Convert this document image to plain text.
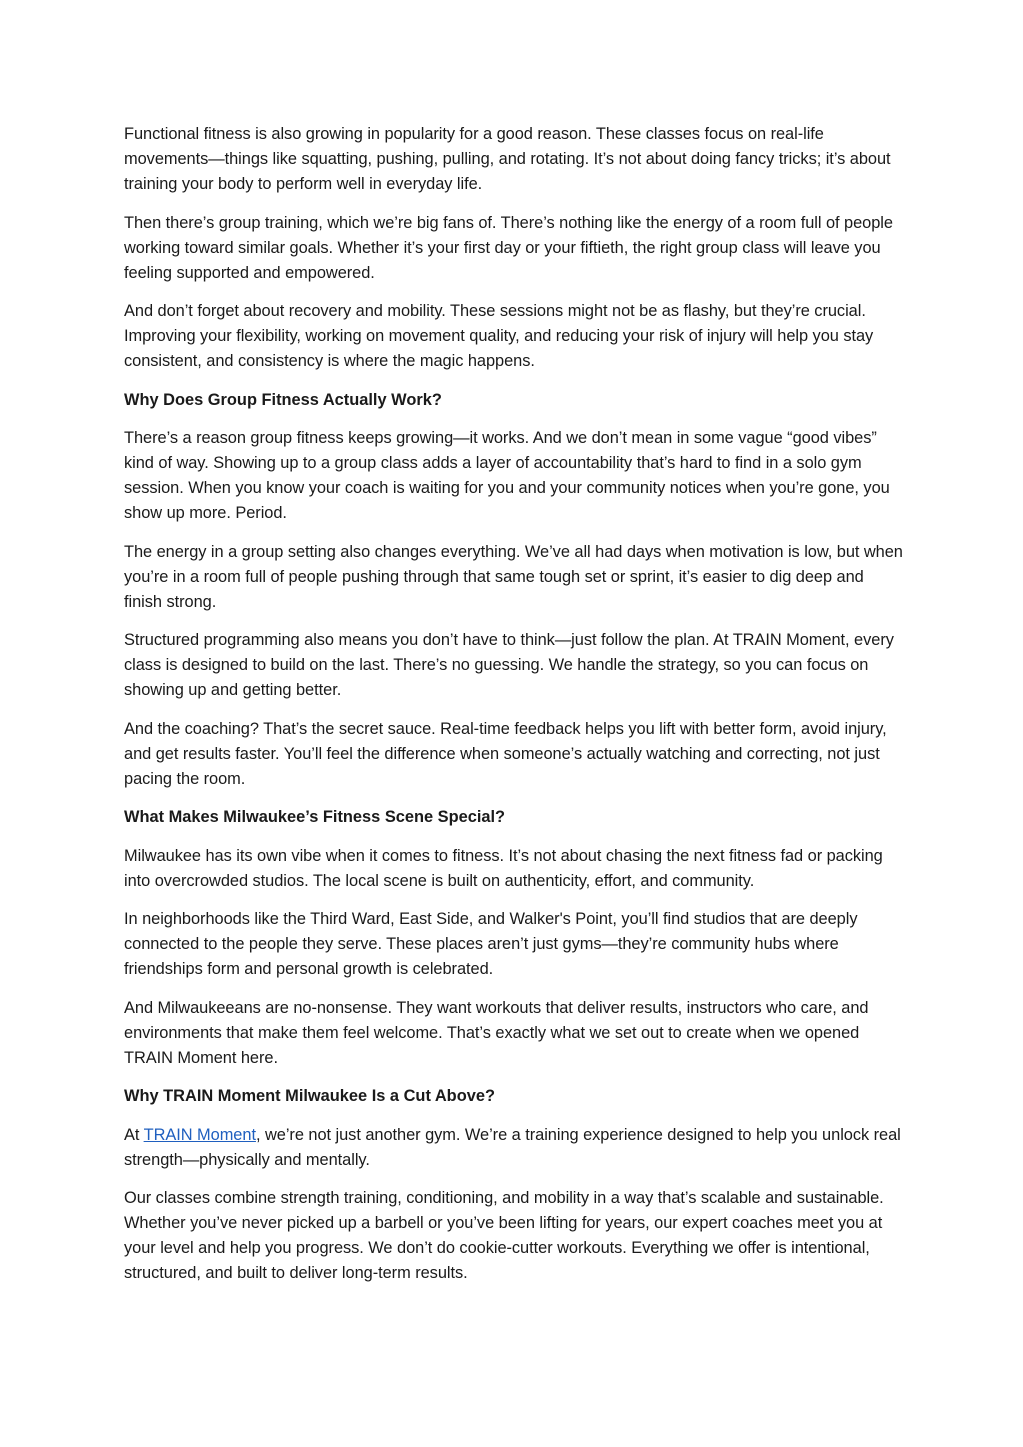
Functional fitness is also growing in popularity for a good reason. These classes focus on real-life movements—things like squatting, pushing, pulling, and rotating. It’s not about doing fancy tricks; it’s about training your body to perform well in everyday life.

Then there’s group training, which we’re big fans of. There’s nothing like the energy of a room full of people working toward similar goals. Whether it’s your first day or your fiftieth, the right group class will leave you feeling supported and empowered.

And don’t forget about recovery and mobility. These sessions might not be as flashy, but they’re crucial. Improving your flexibility, working on movement quality, and reducing your risk of injury will help you stay consistent, and consistency is where the magic happens.

Why Does Group Fitness Actually Work?

There’s a reason group fitness keeps growing—it works. And we don’t mean in some vague “good vibes” kind of way. Showing up to a group class adds a layer of accountability that’s hard to find in a solo gym session. When you know your coach is waiting for you and your community notices when you’re gone, you show up more. Period.

The energy in a group setting also changes everything. We’ve all had days when motivation is low, but when you’re in a room full of people pushing through that same tough set or sprint, it’s easier to dig deep and finish strong.

Structured programming also means you don’t have to think—just follow the plan. At TRAIN Moment, every class is designed to build on the last. There’s no guessing. We handle the strategy, so you can focus on showing up and getting better.

And the coaching? That’s the secret sauce. Real-time feedback helps you lift with better form, avoid injury, and get results faster. You’ll feel the difference when someone’s actually watching and correcting, not just pacing the room.

What Makes Milwaukee’s Fitness Scene Special?

Milwaukee has its own vibe when it comes to fitness. It’s not about chasing the next fitness fad or packing into overcrowded studios. The local scene is built on authenticity, effort, and community.

In neighborhoods like the Third Ward, East Side, and Walker's Point, you’ll find studios that are deeply connected to the people they serve. These places aren’t just gyms—they’re community hubs where friendships form and personal growth is celebrated.

And Milwaukeeans are no-nonsense. They want workouts that deliver results, instructors who care, and environments that make them feel welcome. That’s exactly what we set out to create when we opened TRAIN Moment here.

Why TRAIN Moment Milwaukee Is a Cut Above?

At TRAIN Moment, we’re not just another gym. We’re a training experience designed to help you unlock real strength—physically and mentally.

Our classes combine strength training, conditioning, and mobility in a way that’s scalable and sustainable. Whether you’ve never picked up a barbell or you’ve been lifting for years, our expert coaches meet you at your level and help you progress. We don’t do cookie-cutter workouts. Everything we offer is intentional, structured, and built to deliver long-term results.
